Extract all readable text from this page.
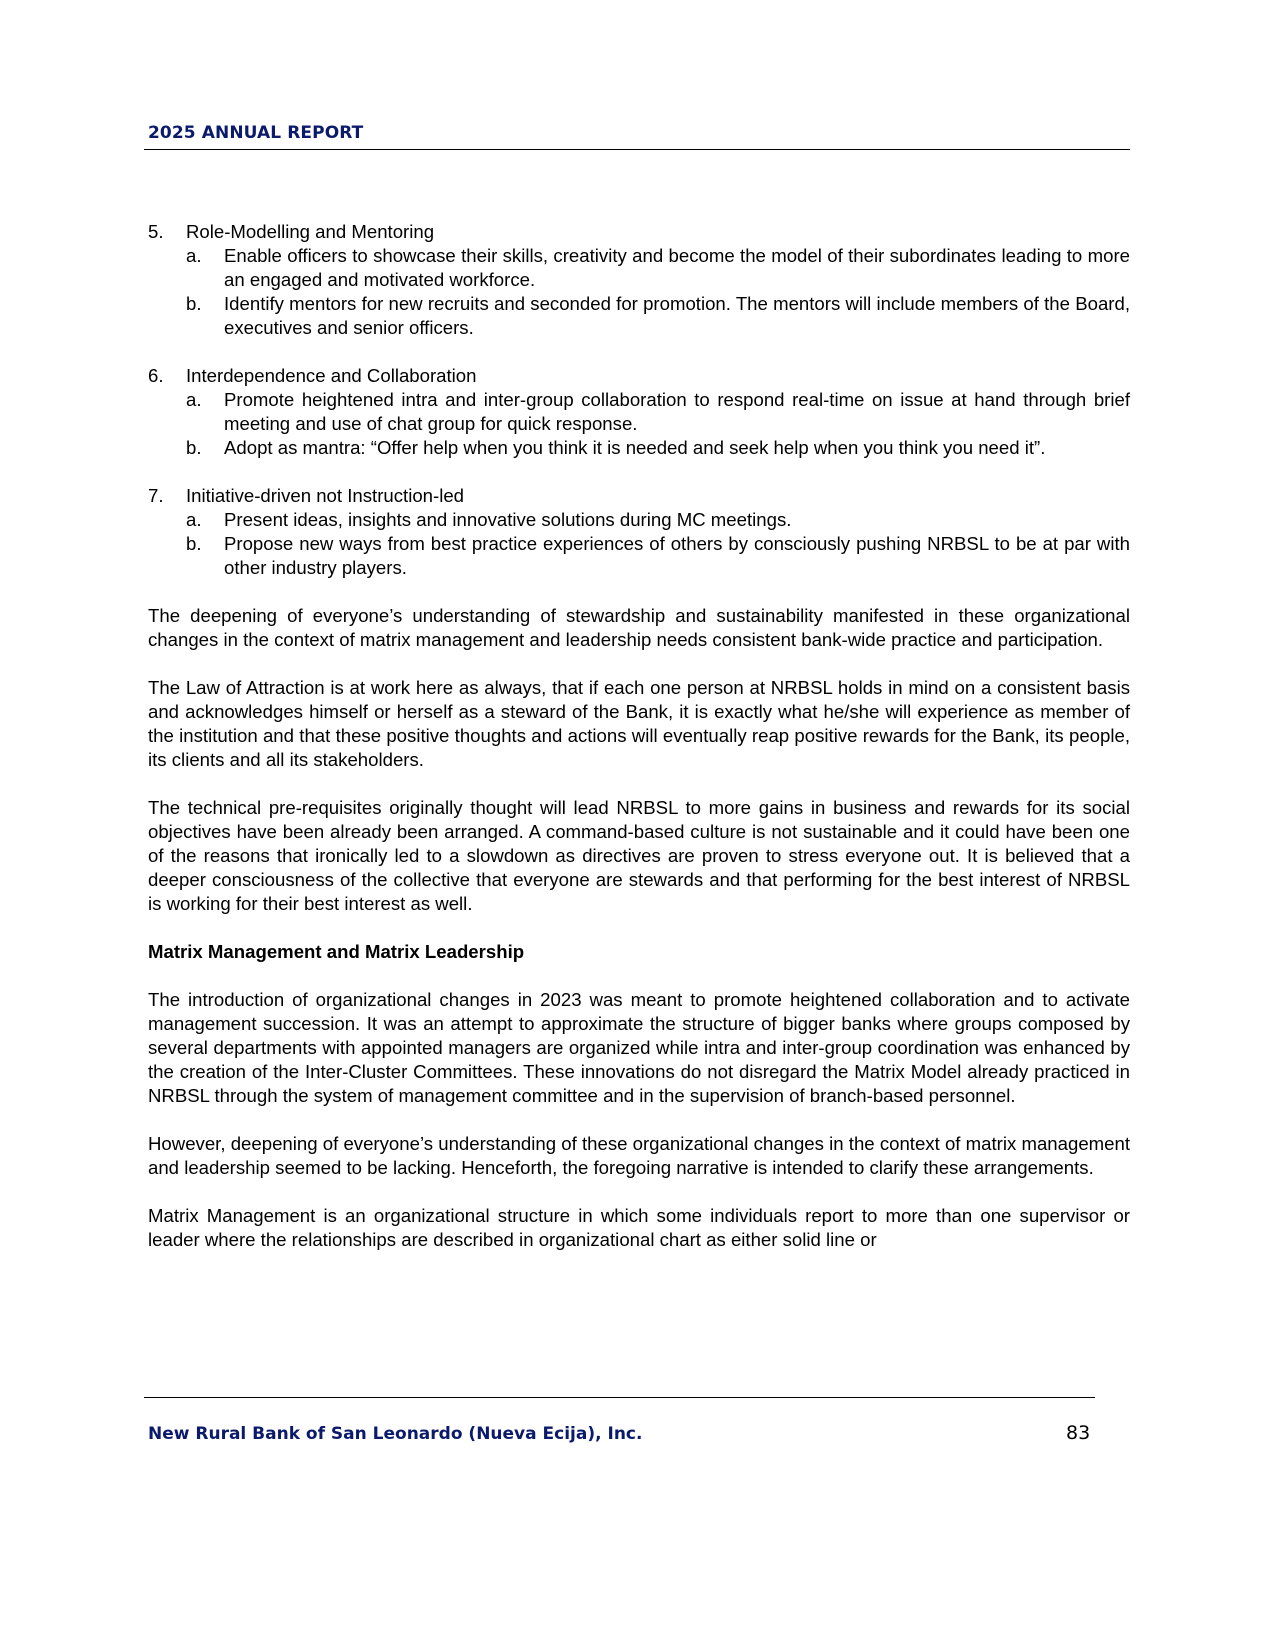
2025 ANNUAL REPORT
5.	Role-Modelling and Mentoring
a.	Enable officers to showcase their skills, creativity and become the model of their subordinates leading to more an engaged and motivated workforce.
b.	Identify mentors for new recruits and seconded for promotion. The mentors will include members of the Board, executives and senior officers.
6.	Interdependence and Collaboration
a.	Promote heightened intra and inter-group collaboration to respond real-time on issue at hand through brief meeting and use of chat group for quick response.
b.	Adopt as mantra: “Offer help when you think it is needed and seek help when you think you need it”.
7.	Initiative-driven not Instruction-led
a.	Present ideas, insights and innovative solutions during MC meetings.
b.	Propose new ways from best practice experiences of others by consciously pushing NRBSL to be at par with other industry players.

The deepening of everyone’s understanding of stewardship and sustainability manifested in these organizational changes in the context of matrix management and leadership needs consistent bank-wide practice and participation.

The Law of Attraction is at work here as always, that if each one person at NRBSL holds in mind on a consistent basis and acknowledges himself or herself as a steward of the Bank, it is exactly what he/she will experience as member of the institution and that these positive thoughts and actions will eventually reap positive rewards for the Bank, its people, its clients and all its stakeholders.

The technical pre-requisites originally thought will lead NRBSL to more gains in business and rewards for its social objectives have been already been arranged. A command-based culture is not sustainable and it could have been one of the reasons that ironically led to a slowdown as directives are proven to stress everyone out. It is believed that a deeper consciousness of the collective that everyone are stewards and that performing for the best interest of NRBSL is working for their best interest as well.

Matrix Management and Matrix Leadership

The introduction of organizational changes in 2023 was meant to promote heightened collaboration and to activate management succession. It was an attempt to approximate the structure of bigger banks where groups composed by several departments with appointed managers are organized while intra and inter-group coordination was enhanced by the creation of the Inter-Cluster Committees. These innovations do not disregard the Matrix Model already practiced in NRBSL through the system of management committee and in the supervision of branch-based personnel.

However, deepening of everyone’s understanding of these organizational changes in the context of matrix management and leadership seemed to be lacking. Henceforth, the foregoing narrative is intended to clarify these arrangements.

Matrix Management is an organizational structure in which some individuals report to more than one supervisor or leader where the relationships are described in organizational chart as either solid line or

New Rural Bank of San Leonardo (Nueva Ecija), Inc.	83
